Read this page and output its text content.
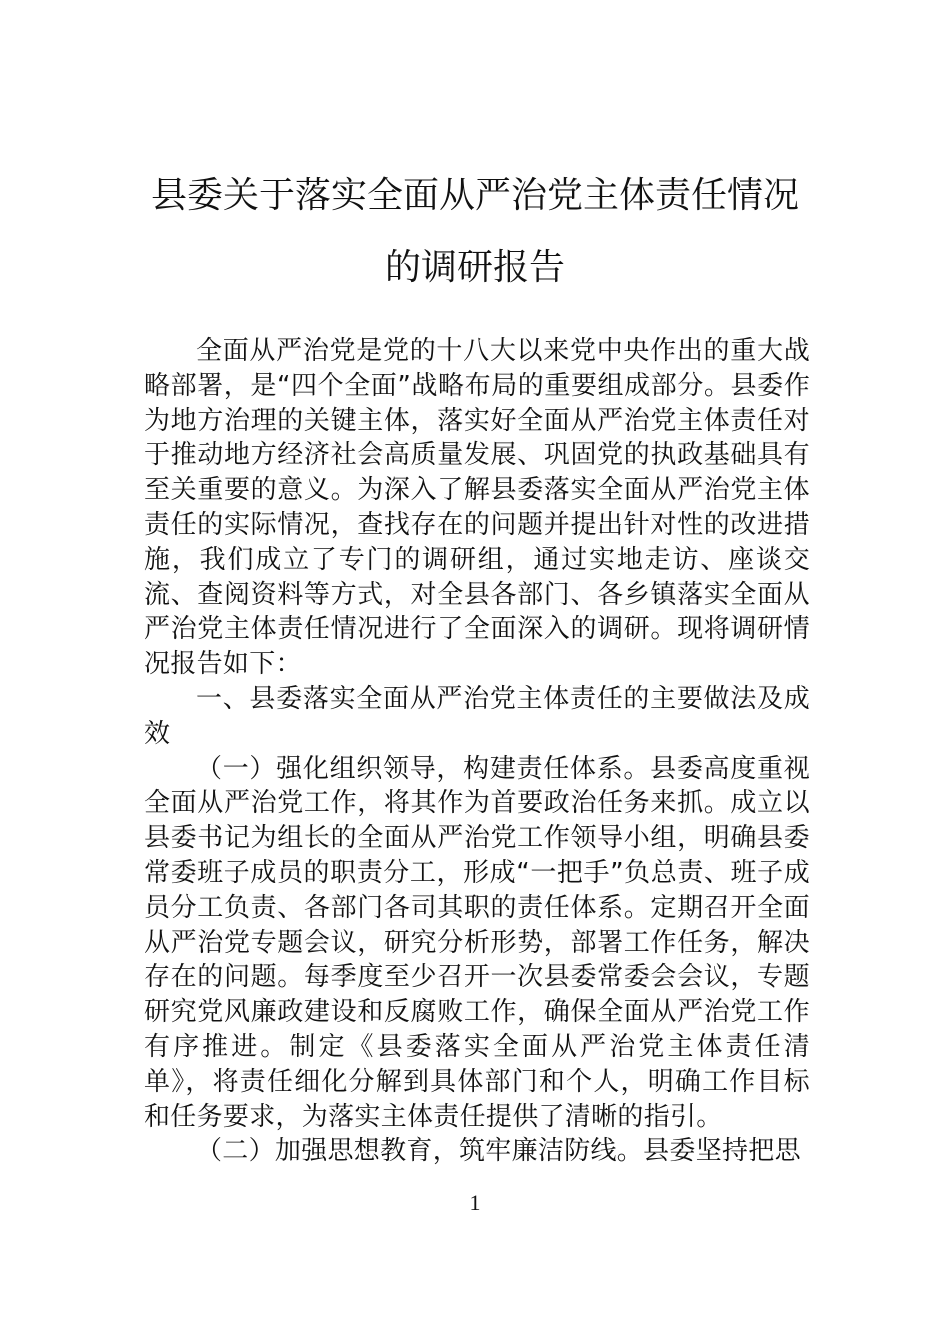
县委关于落实全面从严治党主体责任情况
的调研报告

全面从严治党是党的十八大以来党中央作出的重大战略部署，是“四个全面”战略布局的重要组成部分。县委作为地方治理的关键主体，落实好全面从严治党主体责任对于推动地方经济社会高质量发展、巩固党的执政基础具有至关重要的意义。为深入了解县委落实全面从严治党主体责任的实际情况，查找存在的问题并提出针对性的改进措施，我们成立了专门的调研组，通过实地走访、座谈交流、查阅资料等方式，对全县各部门、各乡镇落实全面从严治党主体责任情况进行了全面深入的调研。现将调研情况报告如下：

一、县委落实全面从严治党主体责任的主要做法及成效

（一）强化组织领导，构建责任体系。县委高度重视全面从严治党工作，将其作为首要政治任务来抓。成立以县委书记为组长的全面从严治党工作领导小组，明确县委常委班子成员的职责分工，形成“一把手”负总责、班子成员分工负责、各部门各司其职的责任体系。定期召开全面从严治党专题会议，研究分析形势，部署工作任务，解决存在的问题。每季度至少召开一次县委常委会会议，专题研究党风廉政建设和反腐败工作，确保全面从严治党工作有序推进。制定《县委落实全面从严治党主体责任清单》，将责任细化分解到具体部门和个人，明确工作目标和任务要求，为落实主体责任提供了清晰的指引。

（二）加强思想教育，筑牢廉洁防线。县委坚持把思

1
